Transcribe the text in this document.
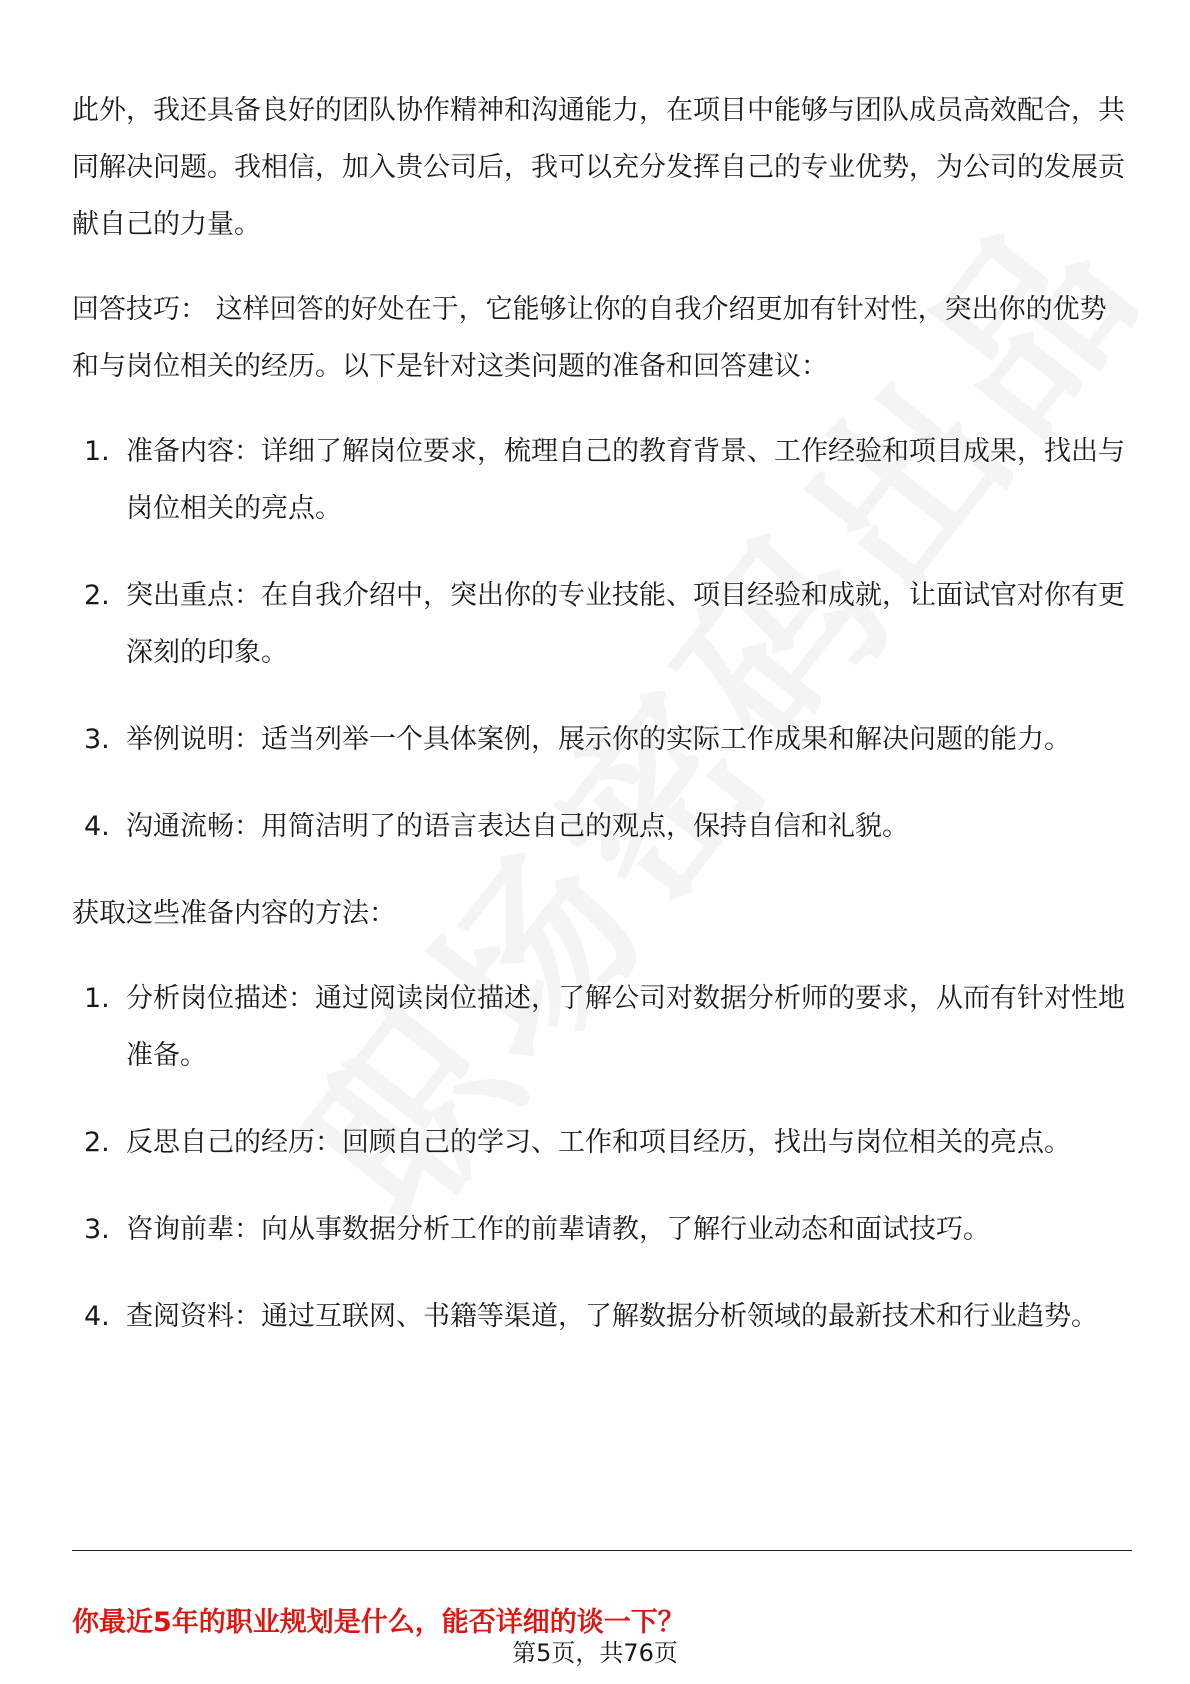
此外，我还具备良好的团队协作精神和沟通能力，在项目中能够与团队成员高效配合，共同解决问题。我相信，加入贵公司后，我可以充分发挥自己的专业优势，为公司的发展贡献自己的力量。

回答技巧： 这样回答的好处在于，它能够让你的自我介绍更加有针对性，突出你的优势和与岗位相关的经历。以下是针对这类问题的准备和回答建议：

1. 准备内容：详细了解岗位要求，梳理自己的教育背景、工作经验和项目成果，找出与岗位相关的亮点。
2. 突出重点：在自我介绍中，突出你的专业技能、项目经验和成就，让面试官对你有更深刻的印象。
3. 举例说明：适当列举一个具体案例，展示你的实际工作成果和解决问题的能力。
4. 沟通流畅：用简洁明了的语言表达自己的观点，保持自信和礼貌。

获取这些准备内容的方法：

1. 分析岗位描述：通过阅读岗位描述，了解公司对数据分析师的要求，从而有针对性地准备。
2. 反思自己的经历：回顾自己的学习、工作和项目经历，找出与岗位相关的亮点。
3. 咨询前辈：向从事数据分析工作的前辈请教，了解行业动态和面试技巧。
4. 查阅资料：通过互联网、书籍等渠道，了解数据分析领域的最新技术和行业趋势。

你最近5年的职业规划是什么，能否详细的谈一下？

第5页，共76页
